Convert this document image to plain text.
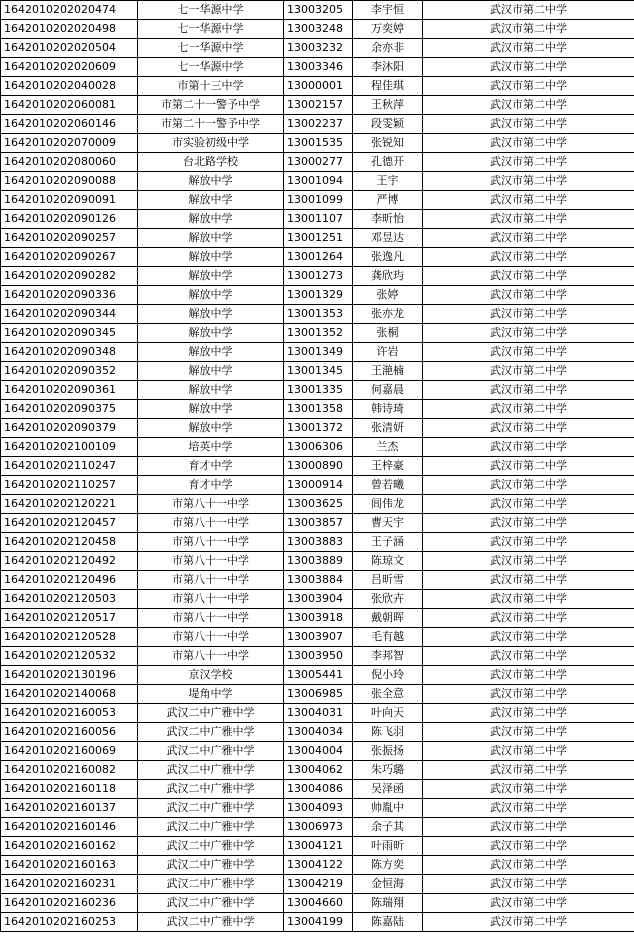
1642010202020474	七一华源中学	13003205	李宇恒	武汉市第二中学
1642010202020498	七一华源中学	13003248	万奕婷	武汉市第二中学
1642010202020504	七一华源中学	13003232	余亦非	武汉市第二中学
1642010202020609	七一华源中学	13003346	李沐阳	武汉市第二中学
1642010202040028	市第十三中学	13000001	程佳琪	武汉市第二中学
1642010202060081	市第二十一警予中学	13002157	王秋萍	武汉市第二中学
1642010202060146	市第二十一警予中学	13002237	段雯颖	武汉市第二中学
1642010202070009	市实验初级中学	13001535	张锐知	武汉市第二中学
1642010202080060	台北路学校	13000277	孔德开	武汉市第二中学
1642010202090088	解放中学	13001094	王宇	武汉市第二中学
1642010202090091	解放中学	13001099	严博	武汉市第二中学
1642010202090126	解放中学	13001107	李昕怡	武汉市第二中学
1642010202090257	解放中学	13001251	邓昱达	武汉市第二中学
1642010202090267	解放中学	13001264	张逸凡	武汉市第二中学
1642010202090282	解放中学	13001273	龚欣玙	武汉市第二中学
1642010202090336	解放中学	13001329	张婷	武汉市第二中学
1642010202090344	解放中学	13001353	张亦龙	武汉市第二中学
1642010202090345	解放中学	13001352	张桐	武汉市第二中学
1642010202090348	解放中学	13001349	许岩	武汉市第二中学
1642010202090352	解放中学	13001345	王滟楠	武汉市第二中学
1642010202090361	解放中学	13001335	何嘉晨	武汉市第二中学
1642010202090375	解放中学	13001358	韩诗琦	武汉市第二中学
1642010202090379	解放中学	13001372	张清妍	武汉市第二中学
1642010202100109	培英中学	13006306	兰杰	武汉市第二中学
1642010202110247	育才中学	13000890	王梓豪	武汉市第二中学
1642010202110257	育才中学	13000914	曾若曦	武汉市第二中学
1642010202120221	市第八十一中学	13003625	闾伟龙	武汉市第二中学
1642010202120457	市第八十一中学	13003857	曹天宇	武汉市第二中学
1642010202120458	市第八十一中学	13003883	王子涵	武汉市第二中学
1642010202120492	市第八十一中学	13003889	陈琼文	武汉市第二中学
1642010202120496	市第八十一中学	13003884	吕昕雪	武汉市第二中学
1642010202120503	市第八十一中学	13003904	张欣卉	武汉市第二中学
1642010202120517	市第八十一中学	13003918	戴朝晖	武汉市第二中学
1642010202120528	市第八十一中学	13003907	毛有越	武汉市第二中学
1642010202120532	市第八十一中学	13003950	李邦智	武汉市第二中学
1642010202130196	京汉学校	13005441	倪小玲	武汉市第二中学
1642010202140068	堤角中学	13006985	张全意	武汉市第二中学
1642010202160053	武汉二中广雅中学	13004031	叶向天	武汉市第二中学
1642010202160056	武汉二中广雅中学	13004034	陈飞羽	武汉市第二中学
1642010202160069	武汉二中广雅中学	13004004	张振扬	武汉市第二中学
1642010202160082	武汉二中广雅中学	13004062	朱巧璐	武汉市第二中学
1642010202160118	武汉二中广雅中学	13004086	吴泽函	武汉市第二中学
1642010202160137	武汉二中广雅中学	13004093	帅胤中	武汉市第二中学
1642010202160146	武汉二中广雅中学	13006973	余子其	武汉市第二中学
1642010202160162	武汉二中广雅中学	13004121	叶雨昕	武汉市第二中学
1642010202160163	武汉二中广雅中学	13004122	陈方奕	武汉市第二中学
1642010202160231	武汉二中广雅中学	13004219	金恒海	武汉市第二中学
1642010202160236	武汉二中广雅中学	13004660	陈瑞翔	武汉市第二中学
1642010202160253	武汉二中广雅中学	13004199	陈嘉陆	武汉市第二中学
